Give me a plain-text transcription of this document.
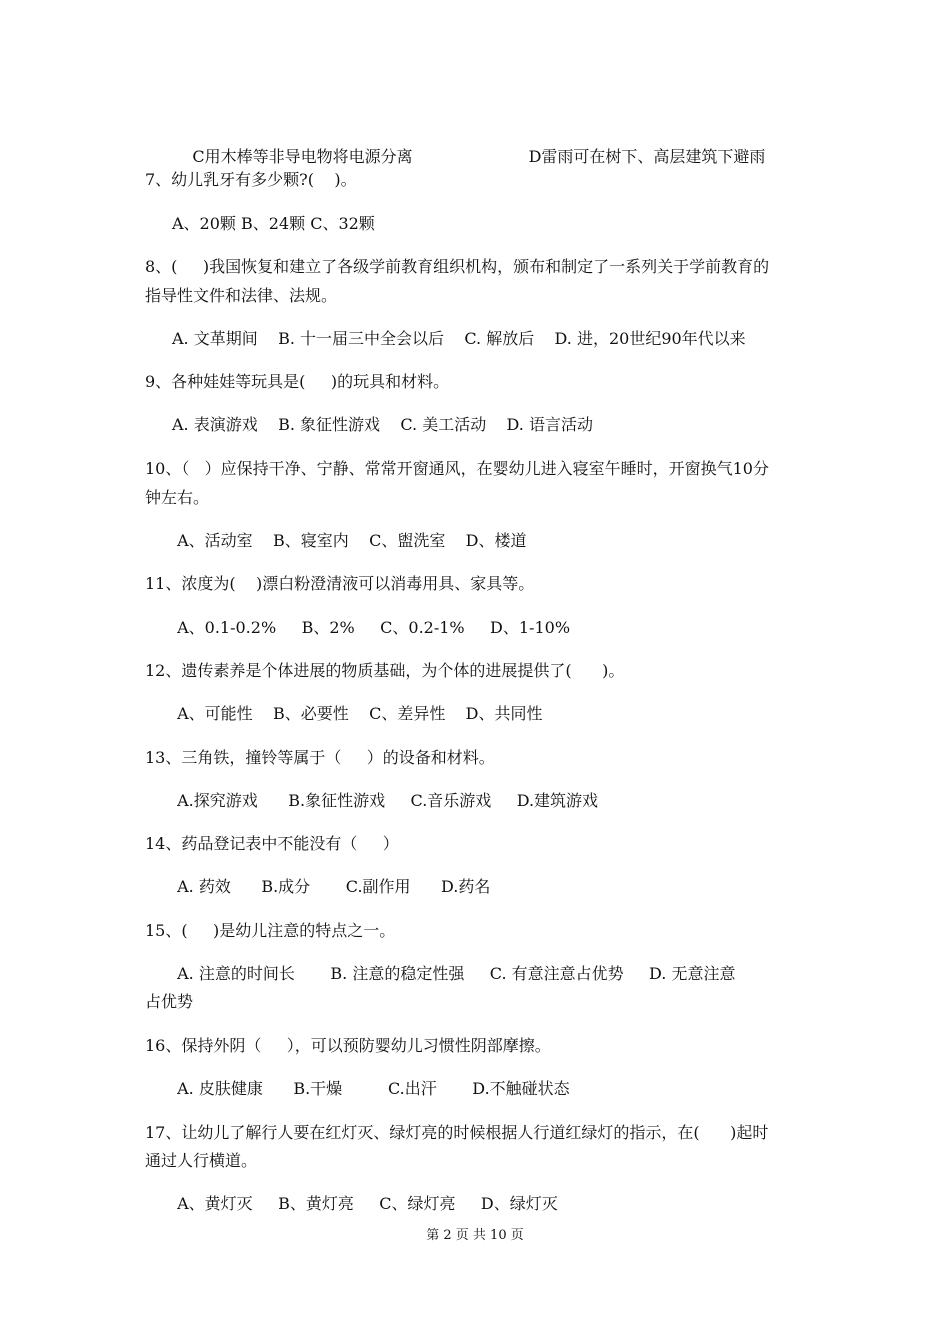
C用木棒等非导电物将电源分离	D雷雨可在树下、高层建筑下避雨

7、幼儿乳牙有多少颗?(    )。
A、20颗 B、24颗 C、32颗
8、(     )我国恢复和建立了各级学前教育组织机构，颁布和制定了一系列关于学前教育的
指导性文件和法律、法规。
A. 文革期间    B. 十一届三中全会以后    C. 解放后    D. 进，20世纪90年代以来
9、各种娃娃等玩具是(     )的玩具和材料。
A. 表演游戏    B. 象征性游戏    C. 美工活动    D. 语言活动
10、（   ）应保持干净、宁静、常常开窗通风，在婴幼儿进入寝室午睡时，开窗换气10分
钟左右。
A、活动室    B、寝室内    C、盥洗室    D、楼道
11、浓度为(    )漂白粉澄清液可以消毒用具、家具等。
A、0.1-0.2%     B、2%     C、0.2-1%     D、1-10%
12、遗传素养是个体进展的物质基础，为个体的进展提供了(      )。
A、可能性    B、必要性    C、差异性    D、共同性
13、三角铁，撞铃等属于（     ）的设备和材料。
A.探究游戏      B.象征性游戏     C.音乐游戏     D.建筑游戏
14、药品登记表中不能没有（     ）
A. 药效      B.成分       C.副作用      D.药名
15、(     )是幼儿注意的特点之一。
A. 注意的时间长       B. 注意的稳定性强     C. 有意注意占优势     D. 无意注意
占优势
16、保持外阴（     ），可以预防婴幼儿习惯性阴部摩擦。
A. 皮肤健康      B.干燥         C.出汗       D.不触碰状态
17、让幼儿了解行人要在红灯灭、绿灯亮的时候根据人行道红绿灯的指示，在(      )起时
通过人行横道。
A、黄灯灭     B、黄灯亮     C、绿灯亮     D、绿灯灭
第 2 页 共 10 页
